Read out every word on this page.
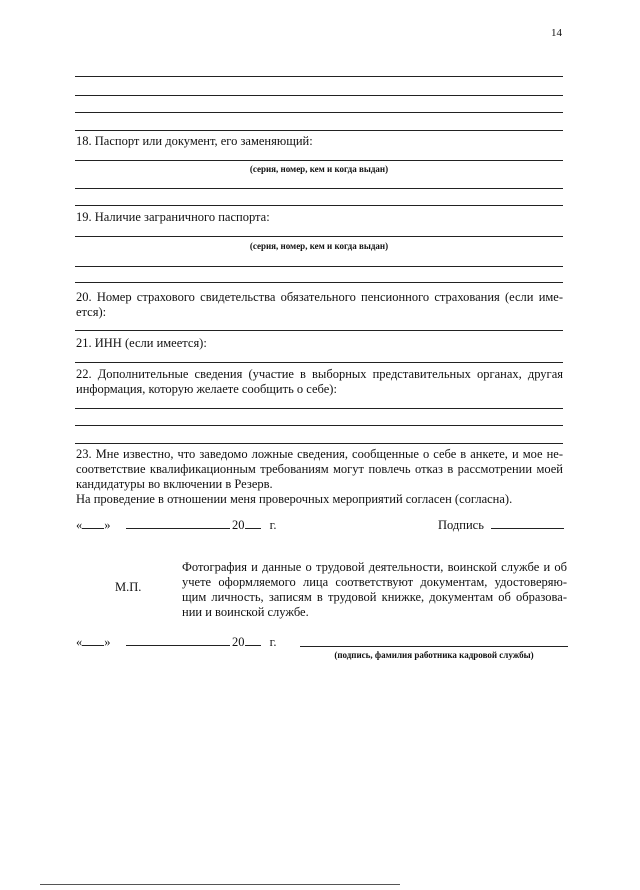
14
18. Паспорт или документ, его заменяющий:
(серия, номер, кем и когда выдан)
19. Наличие заграничного паспорта:
(серия, номер, кем и когда выдан)
20. Номер страхового свидетельства обязательного пенсионного страхования (если име-
ется):
21. ИНН (если имеется):
22. Дополнительные сведения (участие в выборных представительных органах, другая
информация, которую желаете сообщить о себе):
23. Мне известно, что заведомо ложные сведения, сообщенные о себе в анкете, и мое не-
соответствие квалификационным требованиям могут повлечь отказ в рассмотрении моей
кандидатуры во включении в Резерв.
На проведение в отношении меня проверочных мероприятий согласен (согласна).
« »	20 г.	Подпись
М.П.
Фотография и данные о трудовой деятельности, воинской службе и об
учете оформляемого лица соответствуют документам, удостоверяю-
щим личность, записям в трудовой книжке, документам об образова-
нии и воинской службе.
« »	20 г.
(подпись, фамилия работника кадровой службы)
